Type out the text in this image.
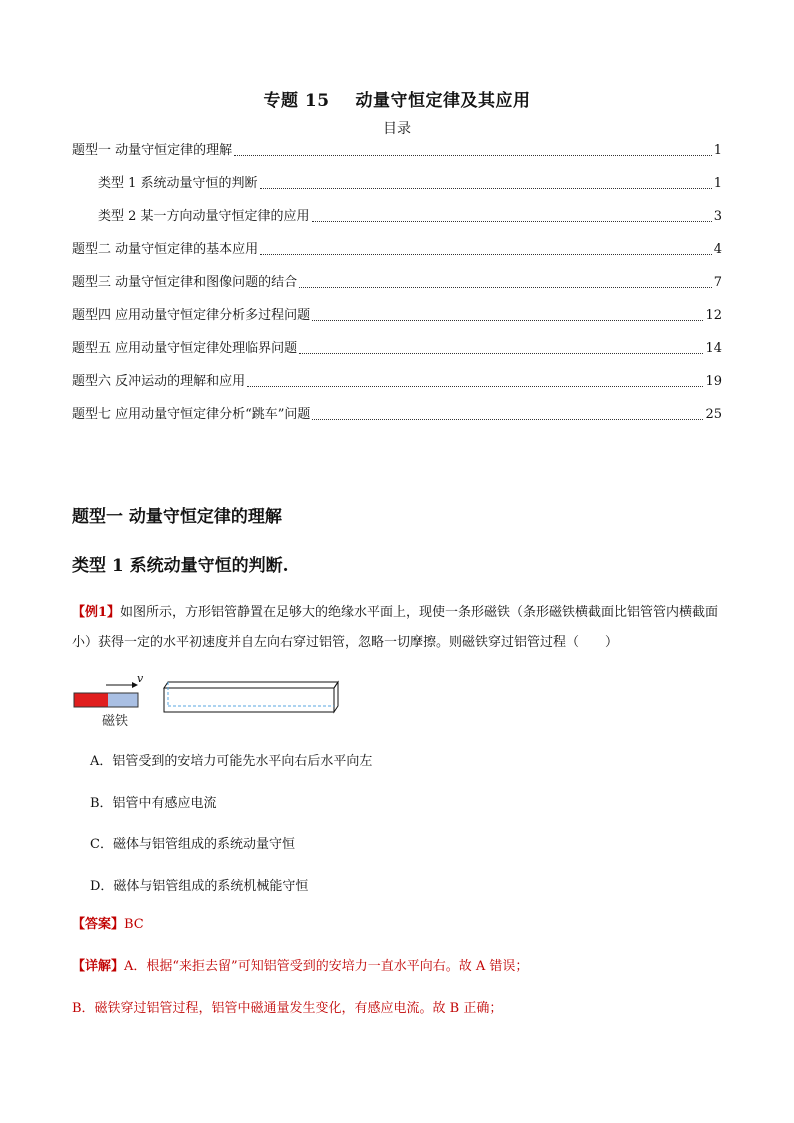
专题 15 动量守恒定律及其应用
目录
题型一 动量守恒定律的理解	1
类型 1 系统动量守恒的判断	1
类型 2 某一方向动量守恒定律的应用	3
题型二 动量守恒定律的基本应用	4
题型三 动量守恒定律和图像问题的结合	7
题型四 应用动量守恒定律分析多过程问题	12
题型五 应用动量守恒定律处理临界问题	14
题型六 反冲运动的理解和应用	19
题型七 应用动量守恒定律分析“跳车”问题	25
题型一 动量守恒定律的理解
类型 1 系统动量守恒的判断.
【例1】如图所示，方形铝管静置在足够大的绝缘水平面上，现使一条形磁铁（条形磁铁横截面比铝管管内横截面小）获得一定的水平初速度并自左向右穿过铝管，忽略一切摩擦。则磁铁穿过铝管过程（　　）
v
磁铁
A．铝管受到的安培力可能先水平向右后水平向左
B．铝管中有感应电流
C．磁体与铝管组成的系统动量守恒
D．磁体与铝管组成的系统机械能守恒
【答案】BC
【详解】A．根据“来拒去留”可知铝管受到的安培力一直水平向右。故 A 错误；
B．磁铁穿过铝管过程，铝管中磁通量发生变化，有感应电流。故 B 正确；
